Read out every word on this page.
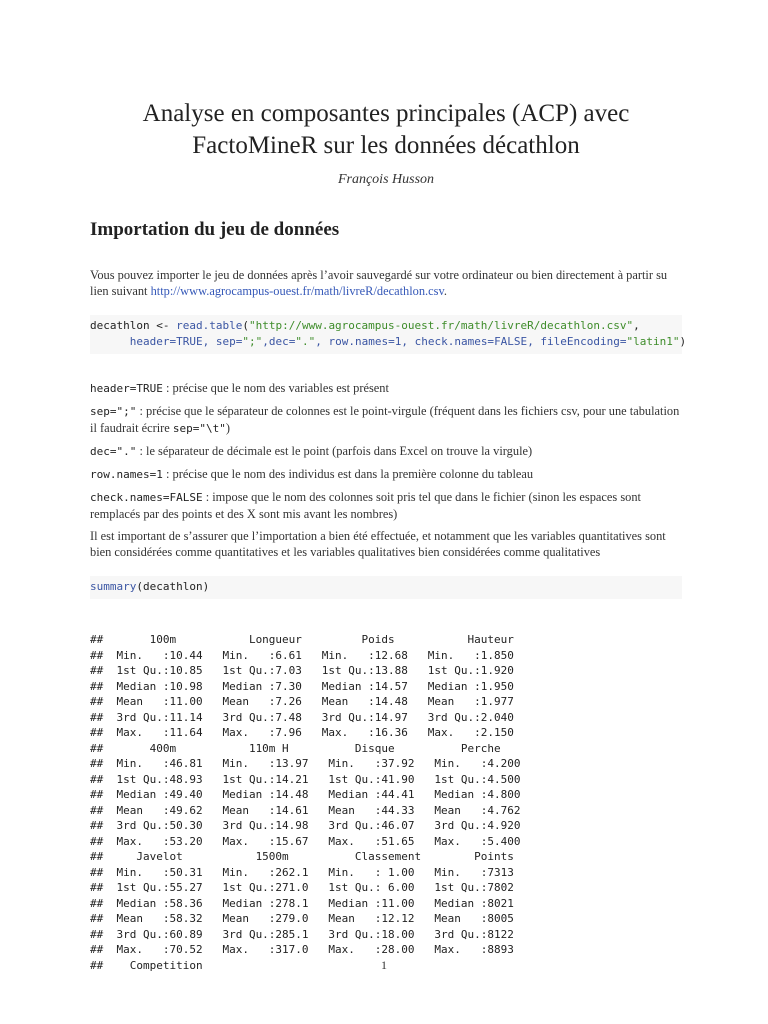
Analyse en composantes principales (ACP) avec
FactoMineR sur les données décathlon
François Husson
Importation du jeu de données

Vous pouvez importer le jeu de données après l’avoir sauvegardé sur votre ordinateur ou bien directement à partir su lien suivant http://www.agrocampus-ouest.fr/math/livreR/decathlon.csv.

decathlon <- read.table("http://www.agrocampus-ouest.fr/math/livreR/decathlon.csv",
header=TRUE, sep=";",dec=".", row.names=1, check.names=FALSE, fileEncoding="latin1")

header=TRUE : précise que le nom des variables est présent

sep=";" : précise que le séparateur de colonnes est le point-virgule (fréquent dans les fichiers csv, pour une tabulation il faudrait écrire sep="\t")

dec="." : le séparateur de décimale est le point (parfois dans Excel on trouve la virgule)

row.names=1 : précise que le nom des individus est dans la première colonne du tableau

check.names=FALSE : impose que le nom des colonnes soit pris tel que dans le fichier (sinon les espaces sont remplacés par des points et des X sont mis avant les nombres)

Il est important de s’assurer que l’importation a bien été effectuée, et notamment que les variables quantitatives sont bien considérées comme quantitatives et les variables qualitatives bien considérées comme qualitatives

summary(decathlon)
##       100m           Longueur         Poids           Hauteur
##  Min.   :10.44   Min.   :6.61   Min.   :12.68   Min.   :1.850
##  1st Qu.:10.85   1st Qu.:7.03   1st Qu.:13.88   1st Qu.:1.920
##  Median :10.98   Median :7.30   Median :14.57   Median :1.950
##  Mean   :11.00   Mean   :7.26   Mean   :14.48   Mean   :1.977
##  3rd Qu.:11.14   3rd Qu.:7.48   3rd Qu.:14.97   3rd Qu.:2.040
##  Max.   :11.64   Max.   :7.96   Max.   :16.36   Max.   :2.150
##       400m           110m H          Disque          Perche
##  Min.   :46.81   Min.   :13.97   Min.   :37.92   Min.   :4.200
##  1st Qu.:48.93   1st Qu.:14.21   1st Qu.:41.90   1st Qu.:4.500
##  Median :49.40   Median :14.48   Median :44.41   Median :4.800
##  Mean   :49.62   Mean   :14.61   Mean   :44.33   Mean   :4.762
##  3rd Qu.:50.30   3rd Qu.:14.98   3rd Qu.:46.07   3rd Qu.:4.920
##  Max.   :53.20   Max.   :15.67   Max.   :51.65   Max.   :5.400
##     Javelot           1500m          Classement        Points
##  Min.   :50.31   Min.   :262.1   Min.   : 1.00   Min.   :7313
##  1st Qu.:55.27   1st Qu.:271.0   1st Qu.: 6.00   1st Qu.:7802
##  Median :58.36   Median :278.1   Median :11.00   Median :8021
##  Mean   :58.32   Mean   :279.0   Mean   :12.12   Mean   :8005
##  3rd Qu.:60.89   3rd Qu.:285.1   3rd Qu.:18.00   3rd Qu.:8122
##  Max.   :70.52   Max.   :317.0   Max.   :28.00   Max.   :8893
##    Competition	1
